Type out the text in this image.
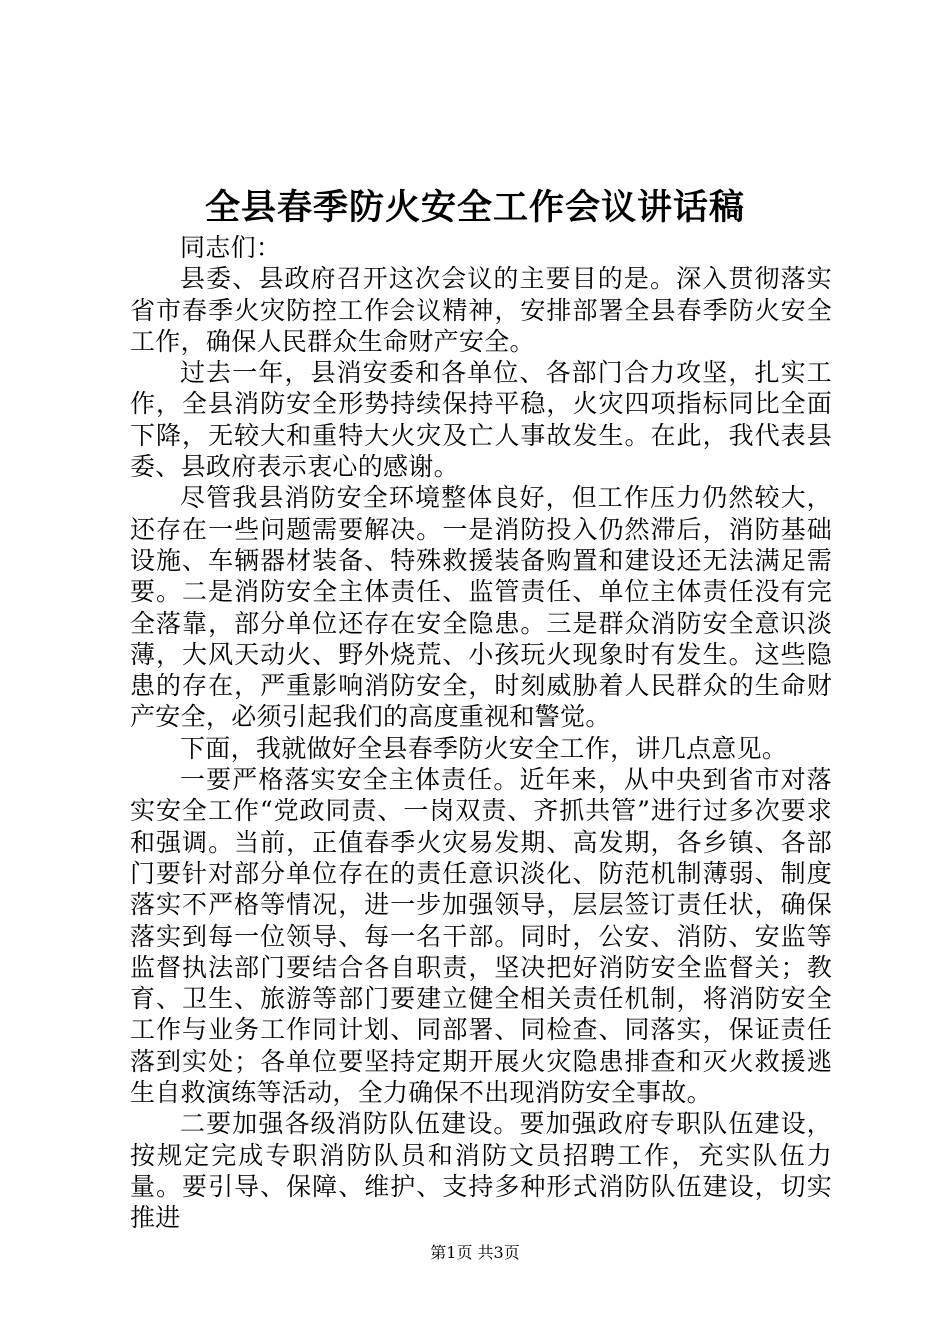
全县春季防火安全工作会议讲话稿

同志们：

县委、县政府召开这次会议的主要目的是。深入贯彻落实省市春季火灾防控工作会议精神，安排部署全县春季防火安全工作，确保人民群众生命财产安全。

过去一年，县消安委和各单位、各部门合力攻坚，扎实工作，全县消防安全形势持续保持平稳，火灾四项指标同比全面下降，无较大和重特大火灾及亡人事故发生。在此，我代表县委、县政府表示衷心的感谢。

尽管我县消防安全环境整体良好，但工作压力仍然较大，还存在一些问题需要解决。一是消防投入仍然滞后，消防基础设施、车辆器材装备、特殊救援装备购置和建设还无法满足需要。二是消防安全主体责任、监管责任、单位主体责任没有完全落靠，部分单位还存在安全隐患。三是群众消防安全意识淡薄，大风天动火、野外烧荒、小孩玩火现象时有发生。这些隐患的存在，严重影响消防安全，时刻威胁着人民群众的生命财产安全，必须引起我们的高度重视和警觉。

下面，我就做好全县春季防火安全工作，讲几点意见。

一要严格落实安全主体责任。近年来，从中央到省市对落实安全工作“党政同责、一岗双责、齐抓共管”进行过多次要求和强调。当前，正值春季火灾易发期、高发期，各乡镇、各部门要针对部分单位存在的责任意识淡化、防范机制薄弱、制度落实不严格等情况，进一步加强领导，层层签订责任状，确保落实到每一位领导、每一名干部。同时，公安、消防、安监等监督执法部门要结合各自职责，坚决把好消防安全监督关；教育、卫生、旅游等部门要建立健全相关责任机制，将消防安全工作与业务工作同计划、同部署、同检查、同落实，保证责任落到实处；各单位要坚持定期开展火灾隐患排查和灭火救援逃生自救演练等活动，全力确保不出现消防安全事故。

二要加强各级消防队伍建设。要加强政府专职队伍建设，按规定完成专职消防队员和消防文员招聘工作，充实队伍力量。要引导、保障、维护、支持多种形式消防队伍建设，切实推进

第1页 共3页
